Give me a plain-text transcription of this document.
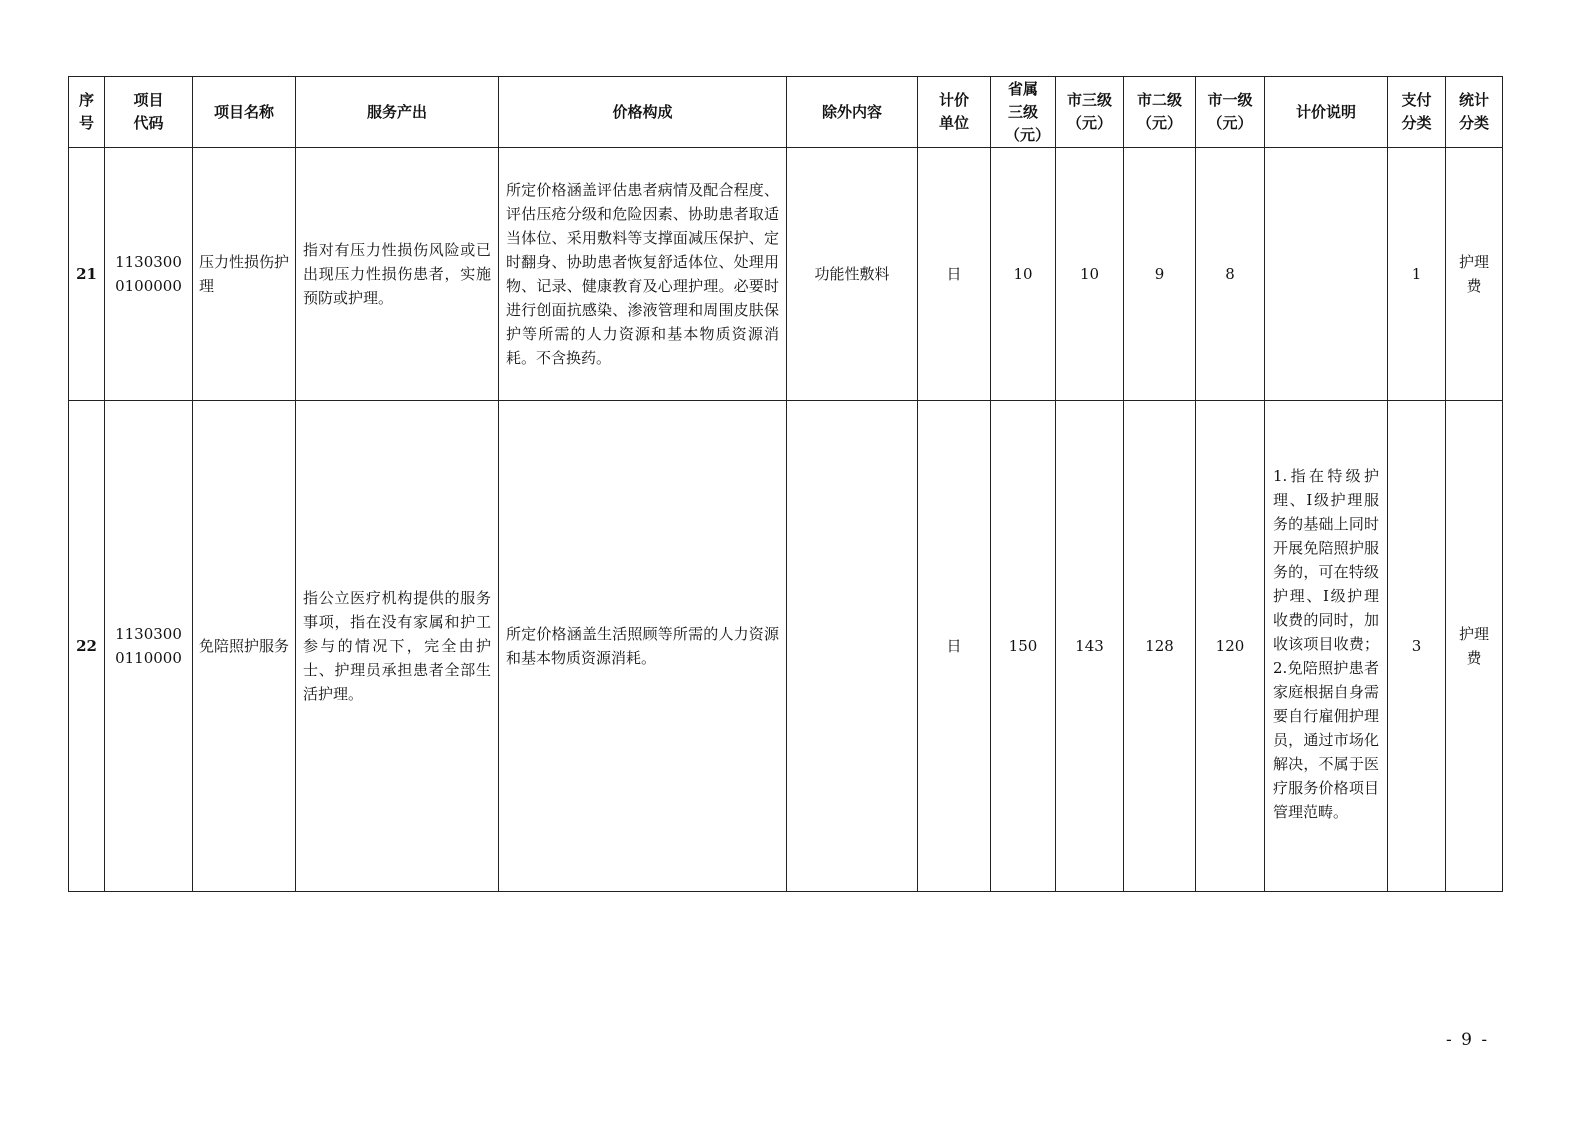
序号	项目代码	项目名称	服务产出	价格构成	除外内容	计价单位	省属三级（元）	市三级（元）	市二级（元）	市一级（元）	计价说明	支付分类	统计分类
21	11303000100000	压力性损伤护理	指对有压力性损伤风险或已出现压力性损伤患者，实施预防或护理。	所定价格涵盖评估患者病情及配合程度、评估压疮分级和危险因素、协助患者取适当体位、采用敷料等支撑面减压保护、定时翻身、协助患者恢复舒适体位、处理用物、记录、健康教育及心理护理。必要时进行创面抗感染、渗液管理和周围皮肤保护等所需的人力资源和基本物质资源消耗。不含换药。	功能性敷料	日	10	10	9	8		1	护理费
22	11303000110000	免陪照护服务	指公立医疗机构提供的服务事项，指在没有家属和护工参与的情况下，完全由护士、护理员承担患者全部生活护理。	所定价格涵盖生活照顾等所需的人力资源和基本物质资源消耗。		日	150	143	128	120	1.指在特级护理、I级护理服务的基础上同时开展免陪照护服务的，可在特级护理、I级护理收费的同时，加收该项目收费；2.免陪照护患者家庭根据自身需要自行雇佣护理员，通过市场化解决，不属于医疗服务价格项目管理范畴。	3	护理费
- 9 -
